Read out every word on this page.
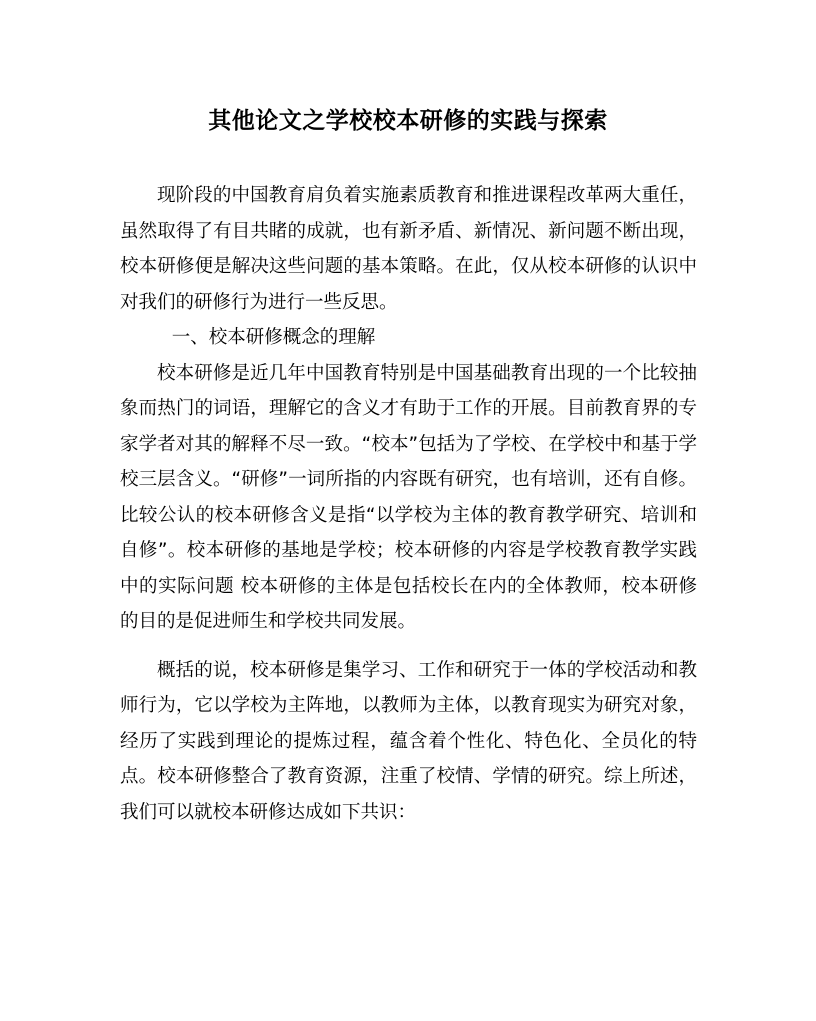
其他论文之学校校本研修的实践与探索

现阶段的中国教育肩负着实施素质教育和推进课程改革两大重任，虽然取得了有目共睹的成就，也有新矛盾、新情况、新问题不断出现，校本研修便是解决这些问题的基本策略。在此，仅从校本研修的认识中对我们的研修行为进行一些反思。

一、校本研修概念的理解

校本研修是近几年中国教育特别是中国基础教育出现的一个比较抽象而热门的词语，理解它的含义才有助于工作的开展。目前教育界的专家学者对其的解释不尽一致。“校本”包括为了学校、在学校中和基于学校三层含义。“研修”一词所指的内容既有研究，也有培训，还有自修。比较公认的校本研修含义是指“以学校为主体的教育教学研究、培训和自修”。校本研修的基地是学校；校本研修的内容是学校教育教学实践中的实际问题 校本研修的主体是包括校长在内的全体教师，校本研修的目的是促进师生和学校共同发展。

概括的说，校本研修是集学习、工作和研究于一体的学校活动和教师行为，它以学校为主阵地，以教师为主体，以教育现实为研究对象，经历了实践到理论的提炼过程，蕴含着个性化、特色化、全员化的特点。校本研修整合了教育资源，注重了校情、学情的研究。综上所述，我们可以就校本研修达成如下共识：
